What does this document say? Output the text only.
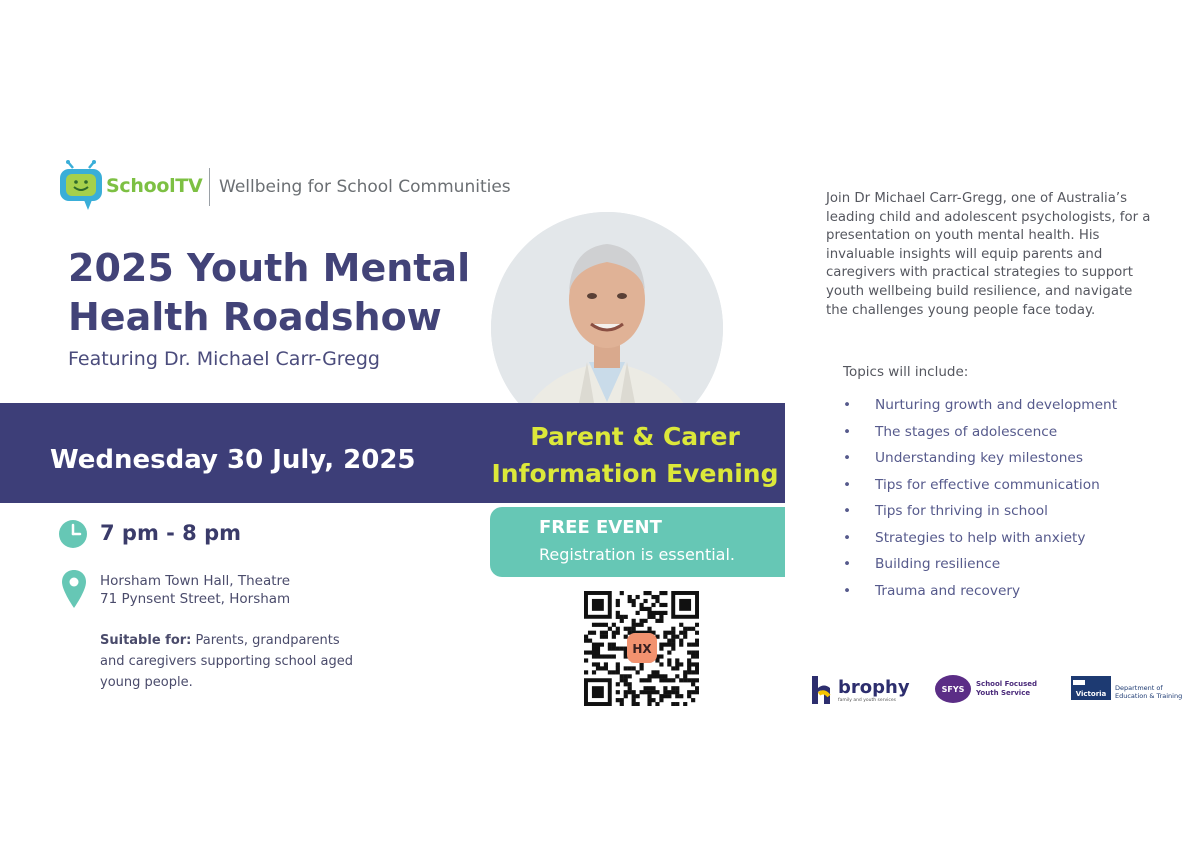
SchoolTV Wellbeing for School Communities
2025 Youth Mental
Health Roadshow
Featuring Dr. Michael Carr-Gregg
Wednesday 30 July, 2025
Parent & Carer
Information Evening
FREE EVENT
Registration is essential.
7 pm - 8 pm
Horsham Town Hall, Theatre
71 Pynsent Street, Horsham
Suitable for: Parents, grandparents and caregivers supporting school aged young people.
HX
Join Dr Michael Carr-Gregg, one of Australia’s leading child and adolescent psychologists, for a presentation on youth mental health. His invaluable insights will equip parents and caregivers with practical strategies to support youth wellbeing build resilience, and navigate the challenges young people face today.
Topics will include:
• Nurturing growth and development
• The stages of adolescence
• Understanding key milestones
• Tips for effective communication
• Tips for thriving in school
• Strategies to help with anxiety
• Building resilience
• Trauma and recovery
brophy
family and youth services
SFYS
School Focused Youth Service	Victoria
Department of Education & Training
